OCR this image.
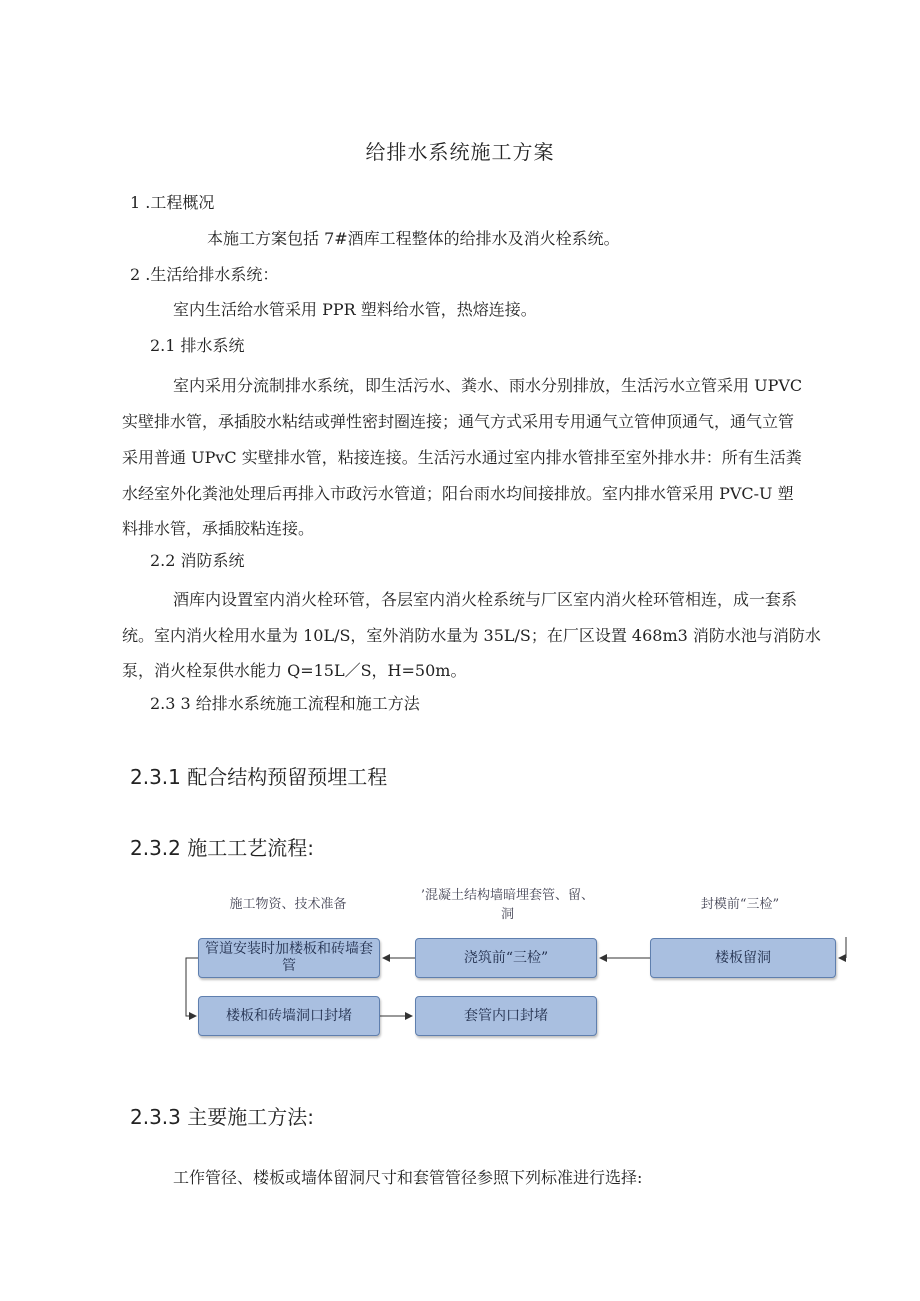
给排水系统施工方案
1 .工程概况
本施工方案包括 7#酒库工程整体的给排水及消火栓系统。
2 .生活给排水系统：
室内生活给水管采用 PPR 塑料给水管，热熔连接。
2.1 排水系统
室内采用分流制排水系统，即生活污水、粪水、雨水分别排放，生活污水立管采用 UPVC
实壁排水管，承插胶水粘结或弹性密封圈连接；通气方式采用专用通气立管伸顶通气，通气立管
采用普通 UPvC 实壁排水管，粘接连接。生活污水通过室内排水管排至室外排水井：所有生活粪
水经室外化粪池处理后再排入市政污水管道；阳台雨水均间接排放。室内排水管采用 PVC-U 塑
料排水管，承插胶粘连接。
2.2 消防系统
酒库内设置室内消火栓环管，各层室内消火栓系统与厂区室内消火栓环管相连，成一套系
统。室内消火栓用水量为 10L/S，室外消防水量为 35L/S；在厂区设置 468m3 消防水池与消防水
泵，消火栓泵供水能力 Q=15L／S，H=50m。
2.3 3 给排水系统施工流程和施工方法
2.3.1 配合结构预留预埋工程
2.3.2 施工工艺流程:
施工物资、技术准备
’混凝土结构墙暗埋套管、留、
洞
封模前“三检”
管道安装时加楼板和砖墙套
管
浇筑前“三检”	楼板留洞
楼板和砖墙洞口封堵	套管内口封堵
2.3.3 主要施工方法:
工作管径、楼板或墙体留洞尺寸和套管管径参照下列标准进行选择:
